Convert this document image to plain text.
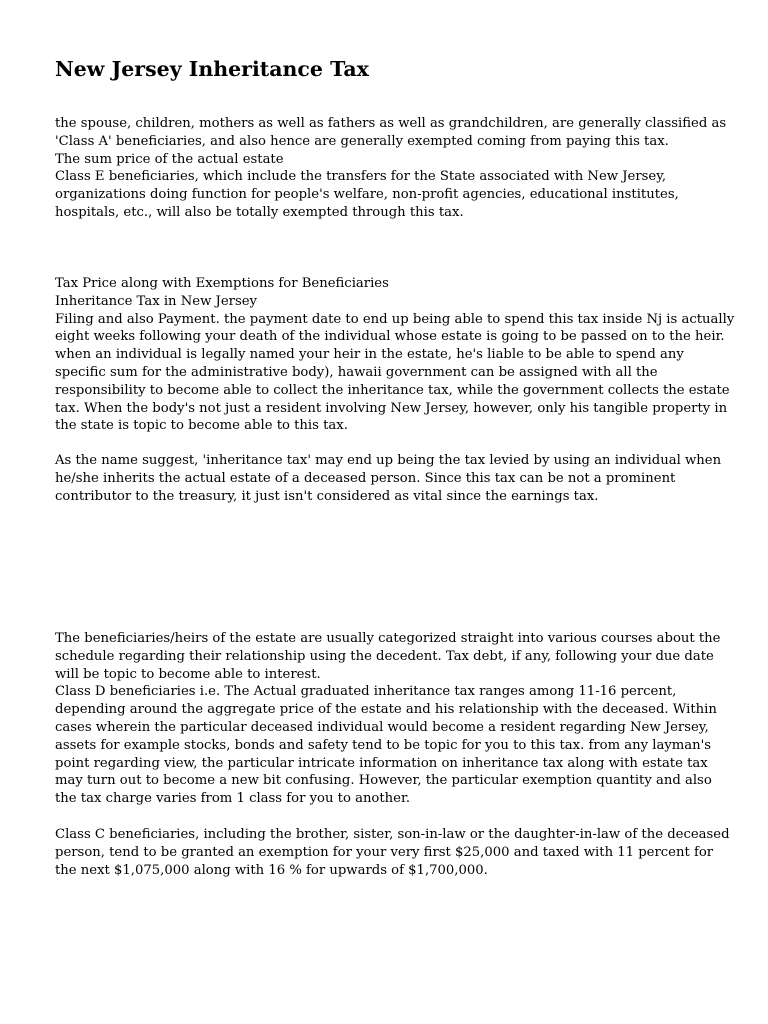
New Jersey Inheritance Tax
the spouse, children, mothers as well as fathers as well as grandchildren, are generally classified as
'Class A' beneficiaries, and also hence are generally exempted coming from paying this tax.
The sum price of the actual estate
Class E beneficiaries, which include the transfers for the State associated with New Jersey,
organizations doing function for people's welfare, non-profit agencies, educational institutes,
hospitals, etc., will also be totally exempted through this tax.
Tax Price along with Exemptions for Beneficiaries
Inheritance Tax in New Jersey
Filing and also Payment. the payment date to end up being able to spend this tax inside Nj is actually
eight weeks following your death of the individual whose estate is going to be passed on to the heir.
when an individual is legally named your heir in the estate, he's liable to be able to spend any
specific sum for the administrative body), hawaii government can be assigned with all the
responsibility to become able to collect the inheritance tax, while the government collects the estate
tax. When the body's not just a resident involving New Jersey, however, only his tangible property in
the state is topic to become able to this tax.
As the name suggest, 'inheritance tax' may end up being the tax levied by using an individual when
he/she inherits the actual estate of a deceased person. Since this tax can be not a prominent
contributor to the treasury, it just isn't considered as vital since the earnings tax.
The beneficiaries/heirs of the estate are usually categorized straight into various courses about the
schedule regarding their relationship using the decedent. Tax debt, if any, following your due date
will be topic to become able to interest.
Class D beneficiaries i.e. The Actual graduated inheritance tax ranges among 11-16 percent,
depending around the aggregate price of the estate and his relationship with the deceased. Within
cases wherein the particular deceased individual would become a resident regarding New Jersey,
assets for example stocks, bonds and safety tend to be topic for you to this tax. from any layman's
point regarding view, the particular intricate information on inheritance tax along with estate tax
may turn out to become a new bit confusing. However, the particular exemption quantity and also
the tax charge varies from 1 class for you to another.
Class C beneficiaries, including the brother, sister, son-in-law or the daughter-in-law of the deceased
person, tend to be granted an exemption for your very first $25,000 and taxed with 11 percent for
the next $1,075,000 along with 16 % for upwards of $1,700,000.
